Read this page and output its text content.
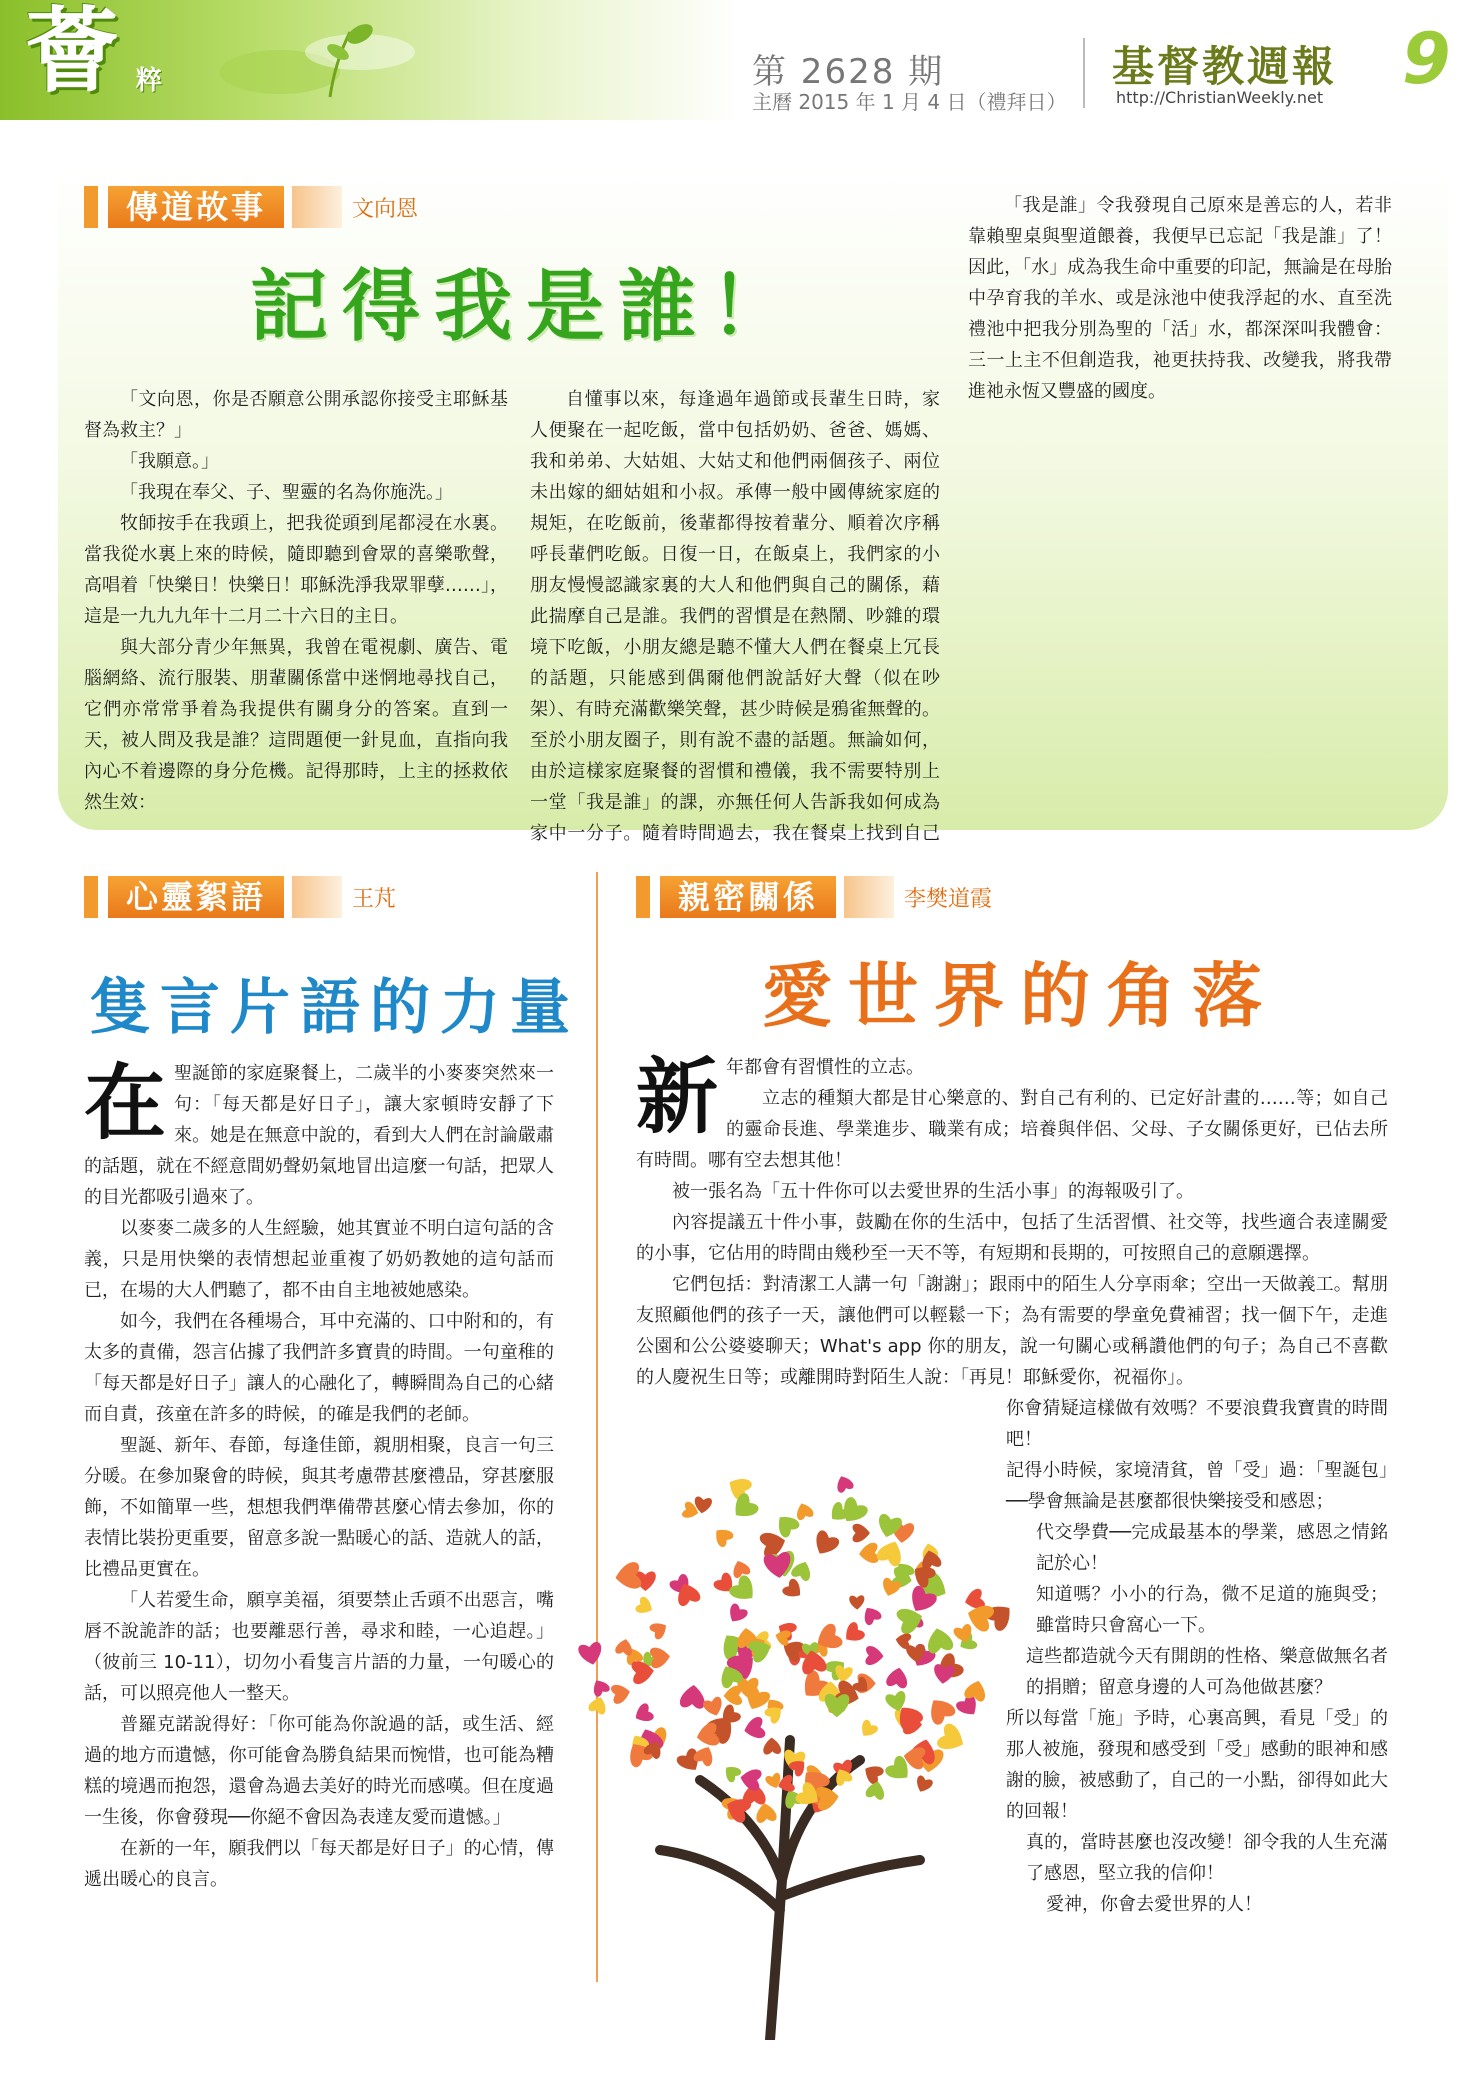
薈 粹	第 2628 期
主曆 2015 年 1 月 4 日（禮拜日）
基督教週報
http://ChristianWeekly.net 9
傳道故事	文向恩
記得我是誰！

「文向恩，你是否願意公開承認你接受主耶穌基督為救主？」

「我願意。」

「我現在奉父、子、聖靈的名為你施洗。」

牧師按手在我頭上，把我從頭到尾都浸在水裏。當我從水裏上來的時候，隨即聽到會眾的喜樂歌聲，高唱着「快樂日！快樂日！耶穌洗淨我眾罪孽……」，這是一九九九年十二月二十六日的主日。

與大部分青少年無異，我曾在電視劇、廣告、電腦網絡、流行服裝、朋輩關係當中迷惘地尋找自己，它們亦常常爭着為我提供有關身分的答案。直到一天，被人問及我是誰？這問題便一針見血，直指向我內心不着邊際的身分危機。記得那時，上主的拯救依然生效：

自懂事以來，每逢過年過節或長輩生日時，家人便聚在一起吃飯，當中包括奶奶、爸爸、媽媽、我和弟弟、大姑姐、大姑丈和他們兩個孩子、兩位未出嫁的細姑姐和小叔。承傳一般中國傳統家庭的規矩，在吃飯前，後輩都得按着輩分、順着次序稱呼長輩們吃飯。日復一日，在飯桌上，我們家的小朋友慢慢認識家裏的大人和他們與自己的關係，藉此揣摩自己是誰。我們的習慣是在熱鬧、吵雜的環境下吃飯，小朋友總是聽不懂大人們在餐桌上冗長的話題，只能感到偶爾他們說話好大聲（似在吵架）、有時充滿歡樂笑聲，甚少時候是鴉雀無聲的。至於小朋友圈子，則有說不盡的話題。無論如何，由於這樣家庭聚餐的習慣和禮儀，我不需要特別上一堂「我是誰」的課，亦無任何人告訴我如何成為家中一分子。隨着時間過去，我在餐桌上找到自己

「我是誰」令我發現自己原來是善忘的人，若非靠賴聖桌與聖道餵養，我便早已忘記「我是誰」了！因此，「水」成為我生命中重要的印記，無論是在母胎中孕育我的羊水、或是泳池中使我浮起的水、直至洗禮池中把我分別為聖的「活」水，都深深叫我體會：三一上主不但創造我，祂更扶持我、改變我，將我帶進祂永恆又豐盛的國度。

心靈絮語	王芃
隻言片語的力量
在 聖誕節的家庭聚餐上，二歲半的小麥麥突然來一句：「每天都是好日子」，讓大家頓時安靜了下來。她是在無意中說的，看到大人們在討論嚴肅的話題，就在不經意間奶聲奶氣地冒出這麼一句話，把眾人的目光都吸引過來了。

以麥麥二歲多的人生經驗，她其實並不明白這句話的含義，只是用快樂的表情想起並重複了奶奶教她的這句話而已，在場的大人們聽了，都不由自主地被她感染。

如今，我們在各種場合，耳中充滿的、口中附和的，有太多的責備，怨言佔據了我們許多寶貴的時間。一句童稚的「每天都是好日子」讓人的心融化了，轉瞬間為自己的心緒而自責，孩童在許多的時候，的確是我們的老師。

聖誕、新年、春節，每逢佳節，親朋相聚，良言一句三分暖。在參加聚會的時候，與其考慮帶甚麼禮品，穿甚麼服飾，不如簡單一些，想想我們準備帶甚麼心情去參加，你的表情比裝扮更重要，留意多說一點暖心的話、造就人的話，比禮品更實在。

「人若愛生命，願享美福，須要禁止舌頭不出惡言，嘴唇不說詭詐的話；也要離惡行善，尋求和睦，一心追趕。」（彼前三 10-11），切勿小看隻言片語的力量，一句暖心的話，可以照亮他人一整天。

普羅克諾說得好：「你可能為你說過的話，或生活、經過的地方而遺憾，你可能會為勝負結果而惋惜，也可能為糟糕的境遇而抱怨，還會為過去美好的時光而感嘆。但在度過一生後，你會發現──你絕不會因為表達友愛而遺憾。」

在新的一年，願我們以「每天都是好日子」的心情，傳遞出暖心的良言。

親密關係	李樊道霞
愛世界的角落
新 年都會有習慣性的立志。

立志的種類大都是甘心樂意的、對自己有利的、已定好計畫的……等；如自己的靈命長進、學業進步、職業有成；培養與伴侶、父母、子女關係更好，已佔去所有時間。哪有空去想其他！

被一張名為「五十件你可以去愛世界的生活小事」的海報吸引了。

內容提議五十件小事，鼓勵在你的生活中，包括了生活習慣、社交等，找些適合表達關愛的小事，它佔用的時間由幾秒至一天不等，有短期和長期的，可按照自己的意願選擇。

它們包括：對清潔工人講一句「謝謝」；跟雨中的陌生人分享雨傘；空出一天做義工。幫朋友照顧他們的孩子一天，讓他們可以輕鬆一下；為有需要的學童免費補習；找一個下午，走進公園和公公婆婆聊天；What's app 你的朋友，說一句關心或稱讚他們的句子；為自己不喜歡的人慶祝生日等；或離開時對陌生人說：「再見！耶穌愛你，祝福你」。

你會猜疑這樣做有效嗎？不要浪費我寶貴的時間吧！

記得小時候，家境清貧，曾「受」過：「聖誕包」──學會無論是甚麼都很快樂接受和感恩；

代交學費──完成最基本的學業，感恩之情銘記於心！

知道嗎？小小的行為，微不足道的施與受；雖當時只會窩心一下。

這些都造就今天有開朗的性格、樂意做無名者的捐贈；留意身邊的人可為他做甚麼？

所以每當「施」予時，心裏高興，看見「受」的那人被施，發現和感受到「受」感動的眼神和感謝的臉，被感動了，自己的一小點，卻得如此大的回報！

真的，當時甚麼也沒改變！卻令我的人生充滿了感恩，堅立我的信仰！

愛神，你會去愛世界的人！
